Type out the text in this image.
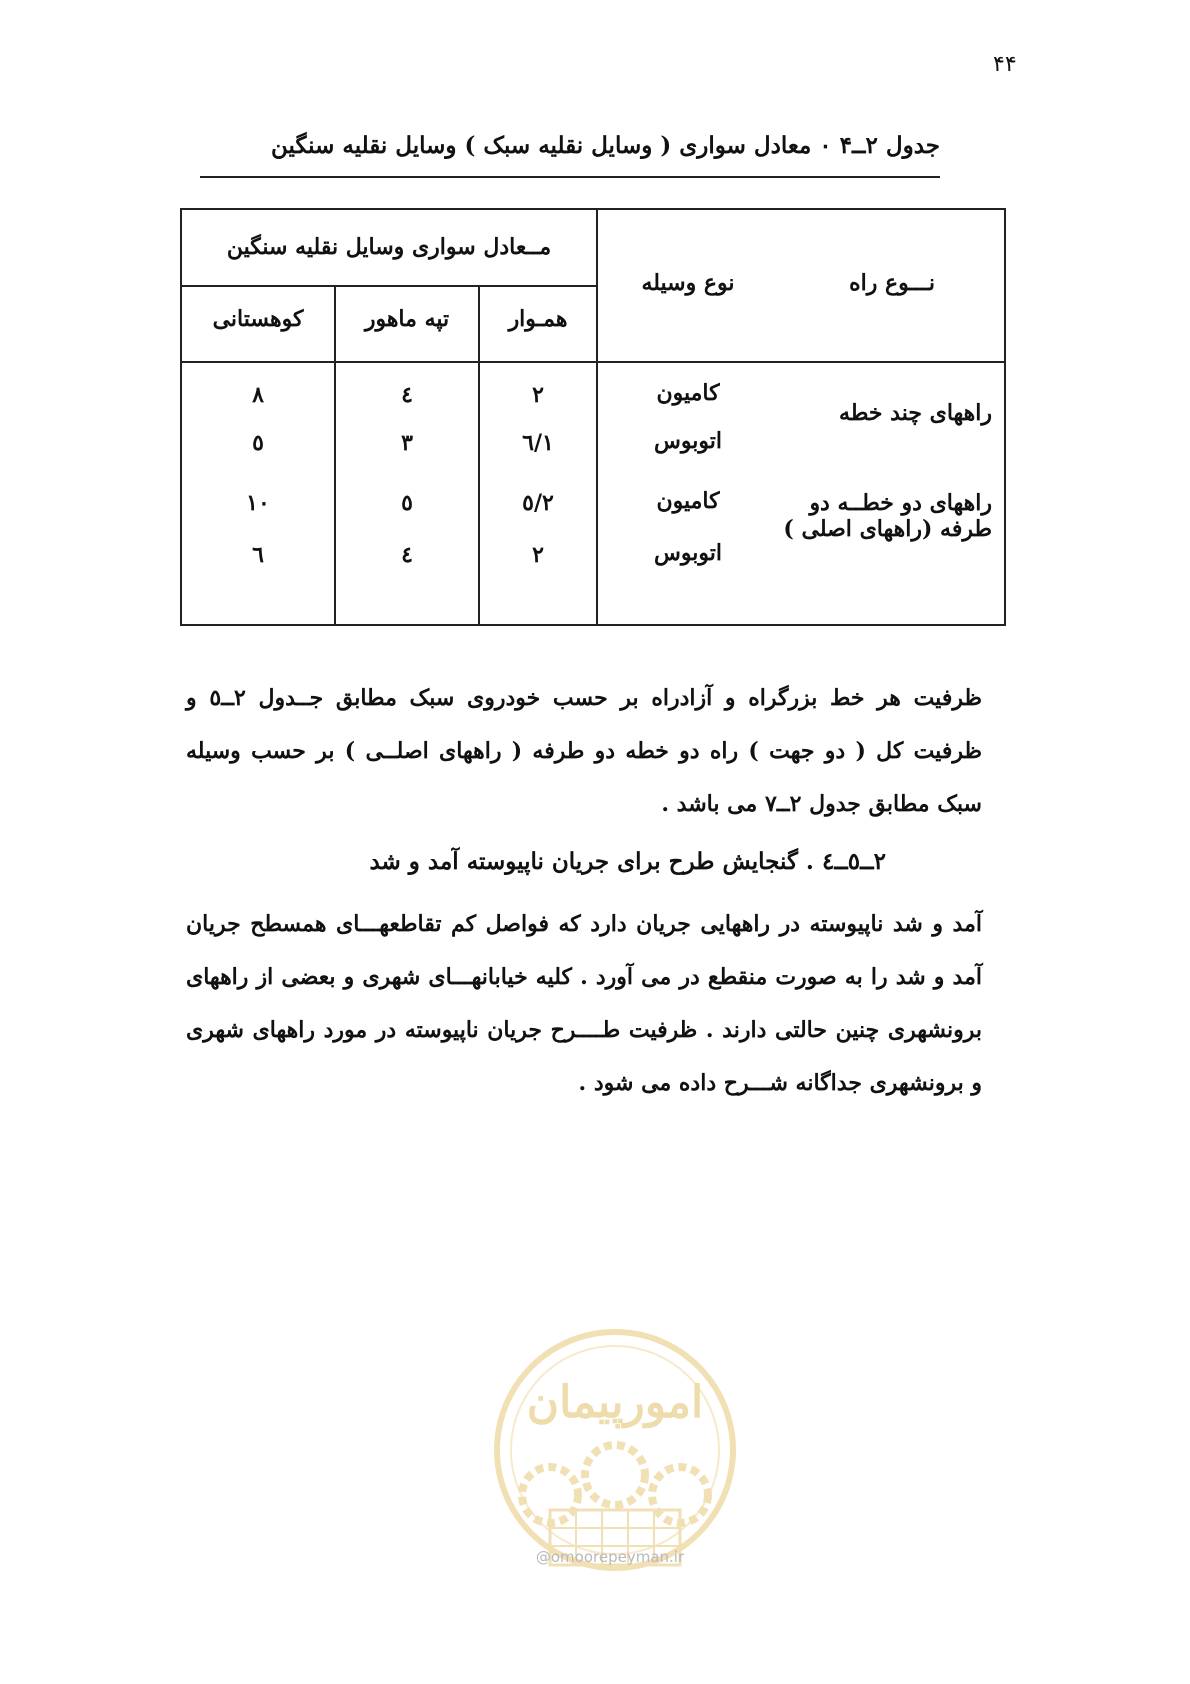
۴۴
جدول ۲ــ۴ ۰ معادل سواری ( وسایل نقلیه سبک ) وسایل نقلیه سنگین
مــعادل سواری وسایل نقلیه سنگین
نوع وسیله	نـــوع راه
همـوار
تپه ماهور
کوهستانی
راههای چند خطه
کامیون
۲
٤
۸
اتوبوس
۱/٦
۳
٥
راههای دو خطــه دو طرفه (راههای اصلی )
کامیون
۲/٥
٥
۱۰
اتوبوس
۲
٤
٦
ظرفیت هر خط بزرگراه و آزادراه بر حسب خودروی سبک مطابق جــدول ۲ــ٥ و ظرفیت کل ( دو جهت ) راه دو خطه دو طرفه ( راههای اصلــی ) بر حسب وسیله سبک مطابق جدول ۲ــ۷ می باشد .
۲ــ٥ــ٤ . گنجایش طرح برای جریان ناپیوسته آمد و شد
آمد و شد ناپیوسته در راههایی جریان دارد که فواصل کم تقاطعهـــای همسطح جریان آمد و شد را به صورت منقطع در می آورد . کلیه خیابانهـــای شهری و بعضی از راههای برونشهری چنین حالتی دارند . ظرفیت طــــرح جریان ناپیوسته در مورد راههای شهری و برونشهری جداگانه شـــرح داده می شود .
امورپیمان
@omoorepeyman.ir
